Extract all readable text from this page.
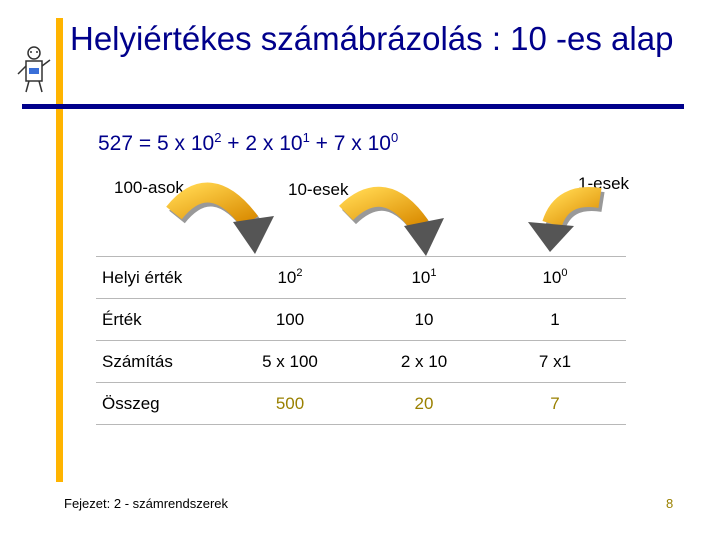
Helyiértékes számábrázolás : 10 -es alap
527 = 5 x $10^2 + 2$ x $10^1 + 7$ x $10^0$
100-asok	10-esek	1-esek
Helyi érték	$10^2$	$10^1$	$10^0$
Érték	100	10	1
Számítás	5 x 100	2 x 10	7 x1
Összeg	500	20	7
Fejezet: 2 - számrendszerek	8
